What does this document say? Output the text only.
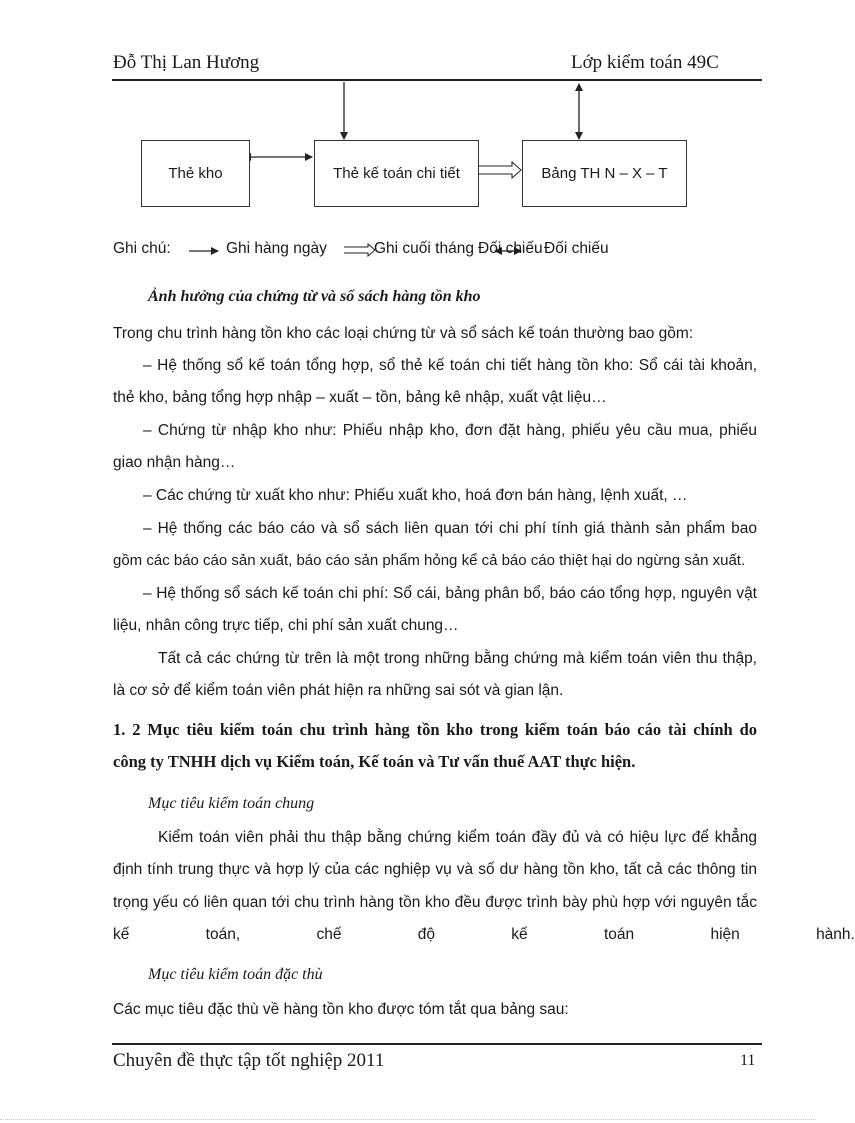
Đỗ Thị Lan Hương	Lớp kiểm toán 49C
Thẻ kho	Thẻ kế toán chi tiết	Bảng TH N – X – T
Ghi chú:	Ghi hàng ngày	Ghi cuối tháng Đối chiếu Đối chiếu
Ảnh hưởng của chứng từ và sổ sách hàng tồn kho
Trong chu trình hàng tồn kho các loại chứng từ và sổ sách kế toán thường bao gồm:
– Hệ thống sổ kế toán tổng hợp, sổ thẻ kế toán chi tiết hàng tồn kho: Sổ cái tài khoản,
thẻ kho, bảng tổng hợp nhập – xuất – tồn, bảng kê nhập, xuất vật liệu…
– Chứng từ nhập kho như: Phiếu nhập kho, đơn đặt hàng, phiếu yêu cầu mua, phiếu
giao nhận hàng…
– Các chứng từ xuất kho như: Phiếu xuất kho, hoá đơn bán hàng, lệnh xuất, …
– Hệ thống các báo cáo và sổ sách liên quan tới chi phí tính giá thành sản phẩm bao
gồm các báo cáo sản xuất, báo cáo sản phẩm hỏng kể cả báo cáo thiệt hại do ngừng sản xuất.
– Hệ thống sổ sách kế toán chi phí: Sổ cái, bảng phân bổ, báo cáo tổng hợp, nguyên vật
liệu, nhân công trực tiếp, chi phí sản xuất chung…
Tất cả các chứng từ trên là một trong những bằng chứng mà kiểm toán viên thu thập,
là cơ sở để kiểm toán viên phát hiện ra những sai sót và gian lận.
1. 2 Mục tiêu kiểm toán chu trình hàng tồn kho trong kiểm toán báo cáo tài chính do
công ty TNHH dịch vụ Kiểm toán, Kế toán và Tư vấn thuế AAT thực hiện.
Mục tiêu kiểm toán chung
Kiểm toán viên phải thu thập bằng chứng kiểm toán đầy đủ và có hiệu lực để khẳng
định tính trung thực và hợp lý của các nghiệp vụ và số dư hàng tồn kho, tất cả các thông tin
trọng yếu có liên quan tới chu trình hàng tồn kho đều được trình bày phù hợp với nguyên tắc
kế toán, chế độ kế toán hiện hành.
Mục tiêu kiểm toán đặc thù
Các mục tiêu đặc thù về hàng tồn kho được tóm tắt qua bảng sau:
Chuyên đề thực tập tốt nghiệp 2011	11
